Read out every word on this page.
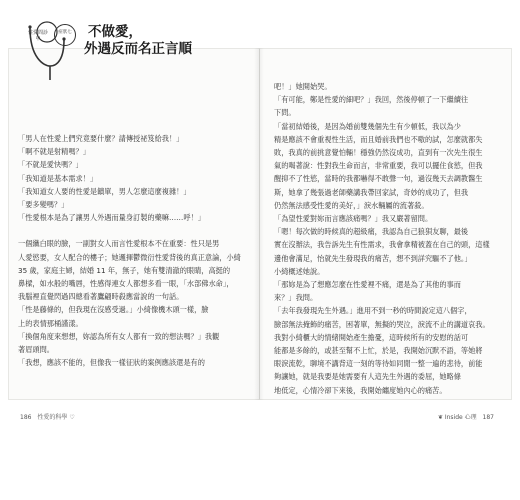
性愛問診中
症狀七	不做愛，
外遇反而名正言順

「男人在性愛上們究竟要什麼？請傳授祕笈給我！」

「啊不就是射精嗎？」

「不就是愛快嗎？」

「我知道是基本需求！」

「我知道女人要的性愛是饋單，男人怎麼這麼複雜！」

「要多變嗎？」

「性愛根本是為了讓男人外遇而量身訂製的藥嘛……呼！」

一個纖白眼的臉，一副對女人而言性愛根本不在重要：性只是男

人愛慾要，女人配合的樓子；她邏揮鬱微衍性愛背後的真正意論，小綺

35 歲，家庭主婦，結婚 11 年，無子，她有雙清澈的眼睛，高挺的

鼻樑，如水般的嘴唇，性感得連女人都想多看一眼，「水部佛水命」，

我腦裡直覺閃過四總看著鷹翩時殺應當說的一句話。

「性是藤條的，但我現在沒感受過。」小綺像機木頭一樣，臉

上的表情那桶謹漾。

「換個角度來想想，妳認為所有女人都有一致的想法嗎？」我觀

著眉頭問。

「我想，應該不能的，但像我一樣征狀的案例應該還是有的

吧！」她開始哭。

「有可能，鄭是性愛的細吧？」我回，然後停頓了一下繼續往

下問。

「當初結婚後，是因為婚前雙幾個先生有少頓低，我以為少

精是應該不會重視性生活，而且婚前我們也不嗷的試，怎麼就都失

敗，我真的前挑意覺怕輛！穩強仍然沒成功，直到有一次先生很生

氣的喝著說：性對我生命而言，非常重要，我可以擺住食慾，但我

醒抑不了性慾，當時的我都嚇得不敢聲一句，過沒幾天去調教醫生

斯，她拿了幾張過老師藥講我帶回家試，奇妙的成功了，但我

仍然無法感受性愛的美好，」淚水輛屬的流著殺。

「為望性愛對妳而言應該痛嗎？」我又嚴著留問。

「嗯！每次做的時候真的超級痛，我認為自己狼狽友聊，最後

實在沒辦法，我告訴先生有性需求，我會拿精被蓋在自己的頭，這樣

邊他會滿足，怡就先生發現我的痛苦，想不到詳究驅不了他。」

小綺概述她說。

「那妳是為了想應怎麼在性愛裡不痛，還是為了其他的事而

來？」我問。

「去年我發現先生外遇。」進用不到一秒的時間說定這八個字，

臉部無法掩飾的痛苦，困著單，無擬的哭泣，淚流不止的講道哀我。

我對小綺櫃大的情緒開始產生擔憂，這時候所有的安慰的話可

能都是多餘的，或甚至幫不上忙，於是，我開始沉默不語，等她將

眼淚流乾，聊境不講背這一刻的等待如同閒一整一遍的悲待，前能

夠讓她，就是我要是她需要有人這先生外遇的委屈，她略條

地低定，心情冷卻下來後，我開始纏度她內心的痛苦。

186 性愛的科學 ♡	❦ Inside 心理 187
